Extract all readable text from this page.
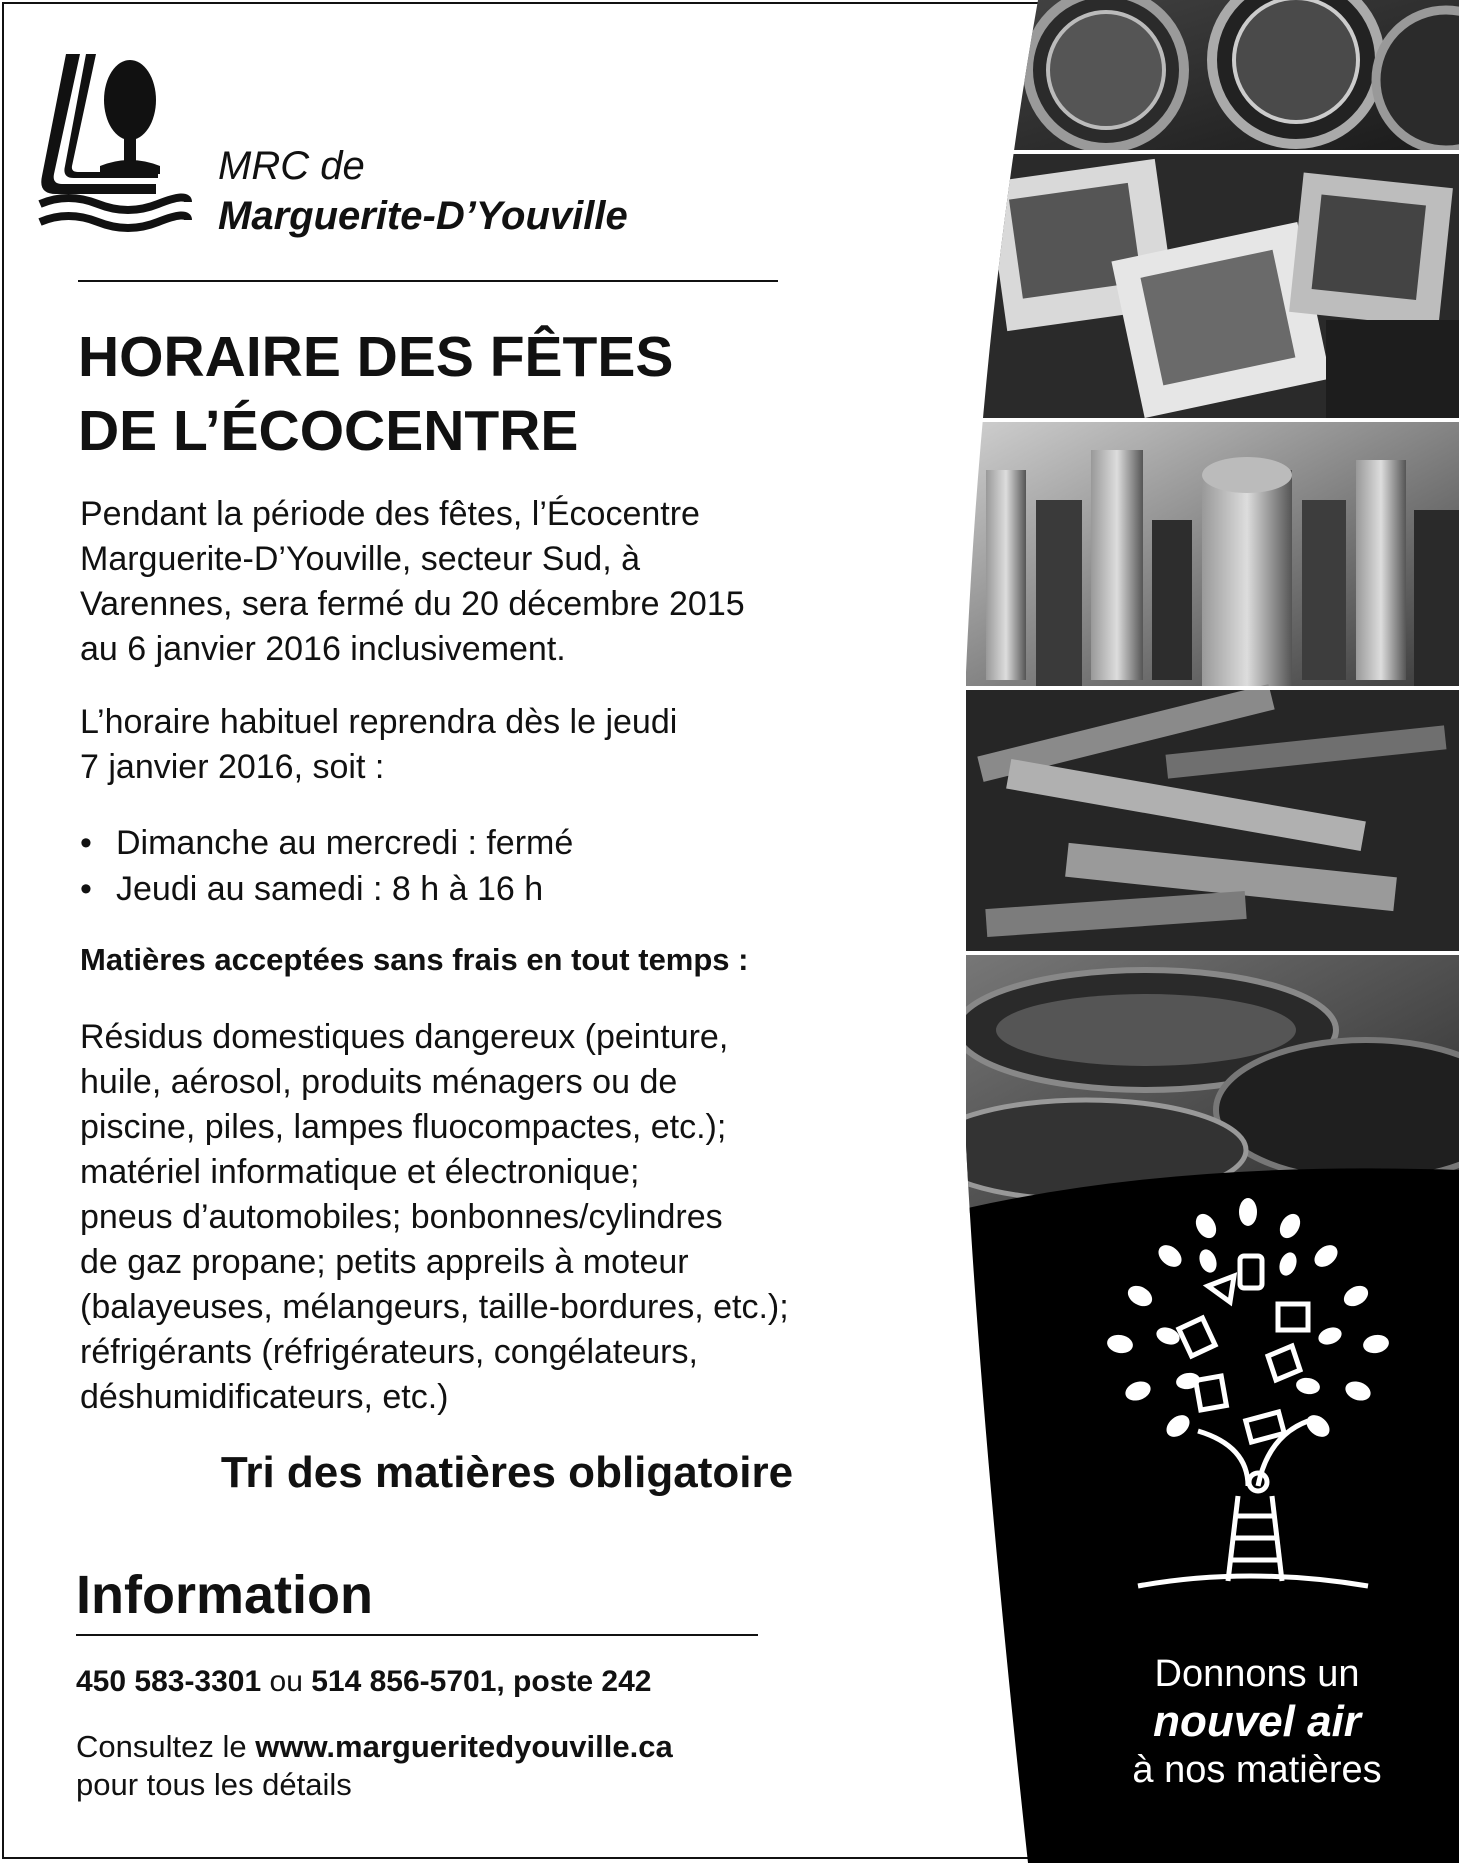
MRC de
Marguerite-D’Youville
HORAIRE DES FÊTES
DE L’ÉCOCENTRE

Pendant la période des fêtes, l’Écocentre

Marguerite-D’Youville, secteur Sud, à

Varennes, sera fermé du 20 décembre 2015

au 6 janvier 2016 inclusivement.

L’horaire habituel reprendra dès le jeudi

7 janvier 2016, soit :

• Dimanche au mercredi : fermé
• Jeudi au samedi : 8 h à 16 h
Matières acceptées sans frais en tout temps :
Résidus domestiques dangereux (peinture,
huile, aérosol, produits ménagers ou de
piscine, piles, lampes fluocompactes, etc.);
matériel informatique et électronique;
pneus d’automobiles; bonbonnes/cylindres
de gaz propane; petits appreils à moteur
(balayeuses, mélangeurs, taille-bordures, etc.);
réfrigérants (réfrigérateurs, congélateurs,
déshumidificateurs, etc.)
Tri des matières obligatoire
Information
450 583-3301 ou 514 856-5701, poste 242
Consultez le www.margueritedyouville.ca
pour tous les détails
Donnons un
nouvel air
à nos matières
